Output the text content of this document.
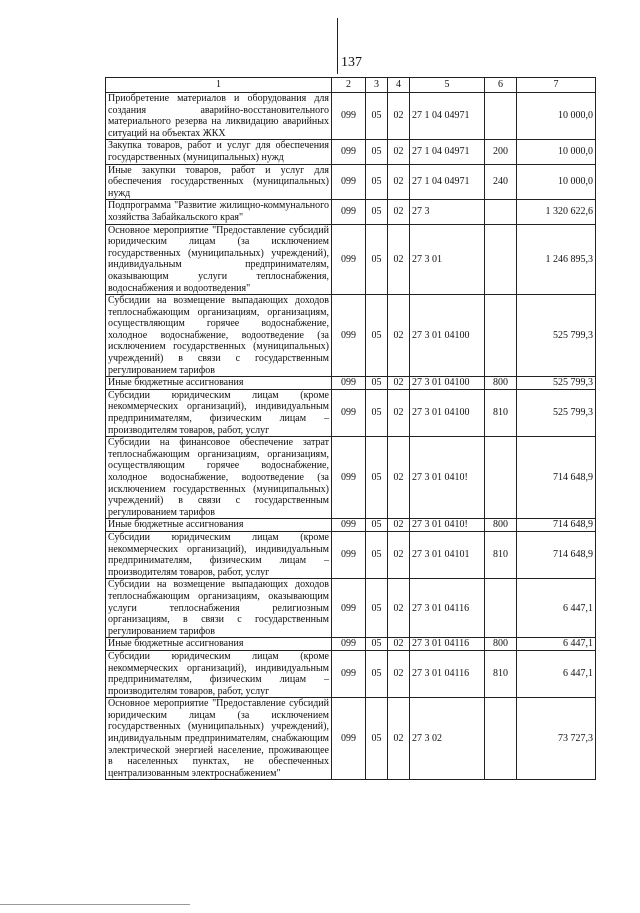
137
1	2	3	4	5	6	7
Приобретение материалов и оборудования для создания аварийно-восстановительного материального резерва на ликвидацию аварийных ситуаций на объектах ЖКХ	099	05	02	27 1 04 04971		10 000,0
Закупка товаров, работ и услуг для обеспечения государственных (муниципальных) нужд	099	05	02	27 1 04 04971	200	10 000,0
Иные закупки товаров, работ и услуг для обеспечения государственных (муниципальных) нужд	099	05	02	27 1 04 04971	240	10 000,0
Подпрограмма "Развитие жилищно-коммунального хозяйства Забайкальского края"	099	05	02	27 3		1 320 622,6
Основное мероприятие "Предоставление субсидий юридическим лицам (за исключением государственных (муниципальных) учреждений), индивидуальным предпринимателям, оказывающим услуги теплоснабжения, водоснабжения и водоотведения"	099	05	02	27 3 01		1 246 895,3
Субсидии на возмещение выпадающих доходов теплоснабжающим организациям, организациям, осуществляющим горячее водоснабжение, холодное водоснабжение, водоотведение (за исключением государственных (муниципальных) учреждений) в связи с государственным регулированием тарифов	099	05	02	27 3 01 04100		525 799,3
Иные бюджетные ассигнования	099	05	02	27 3 01 04100	800	525 799,3
Субсидии юридическим лицам (кроме некоммерческих организаций), индивидуальным предпринимателям, физическим лицам – производителям товаров, работ, услуг	099	05	02	27 3 01 04100	810	525 799,3
Субсидии на финансовое обеспечение затрат теплоснабжающим организациям, организациям, осуществляющим горячее водоснабжение, холодное водоснабжение, водоотведение (за исключением государственных (муниципальных) учреждений) в связи с государственным регулированием тарифов	099	05	02	27 3 01 0410!		714 648,9
Иные бюджетные ассигнования	099	05	02	27 3 01 0410!	800	714 648,9
Субсидии юридическим лицам (кроме некоммерческих организаций), индивидуальным предпринимателям, физическим лицам – производителям товаров, работ, услуг	099	05	02	27 3 01 04101	810	714 648,9
Субсидии на возмещение выпадающих доходов теплоснабжающим организациям, оказывающим услуги теплоснабжения религиозным организациям, в связи с государственным регулированием тарифов	099	05	02	27 3 01 04116		6 447,1
Иные бюджетные ассигнования	099	05	02	27 3 01 04116	800	6 447,1
Субсидии юридическим лицам (кроме некоммерческих организаций), индивидуальным предпринимателям, физическим лицам – производителям товаров, работ, услуг	099	05	02	27 3 01 04116	810	6 447,1
Основное мероприятие "Предоставление субсидий юридическим лицам (за исключением государственных (муниципальных) учреждений), индивидуальным предпринимателям, снабжающим электрической энергией население, проживающее в населенных пунктах, не обеспеченных централизованным электроснабжением"	099	05	02	27 3 02		73 727,3
